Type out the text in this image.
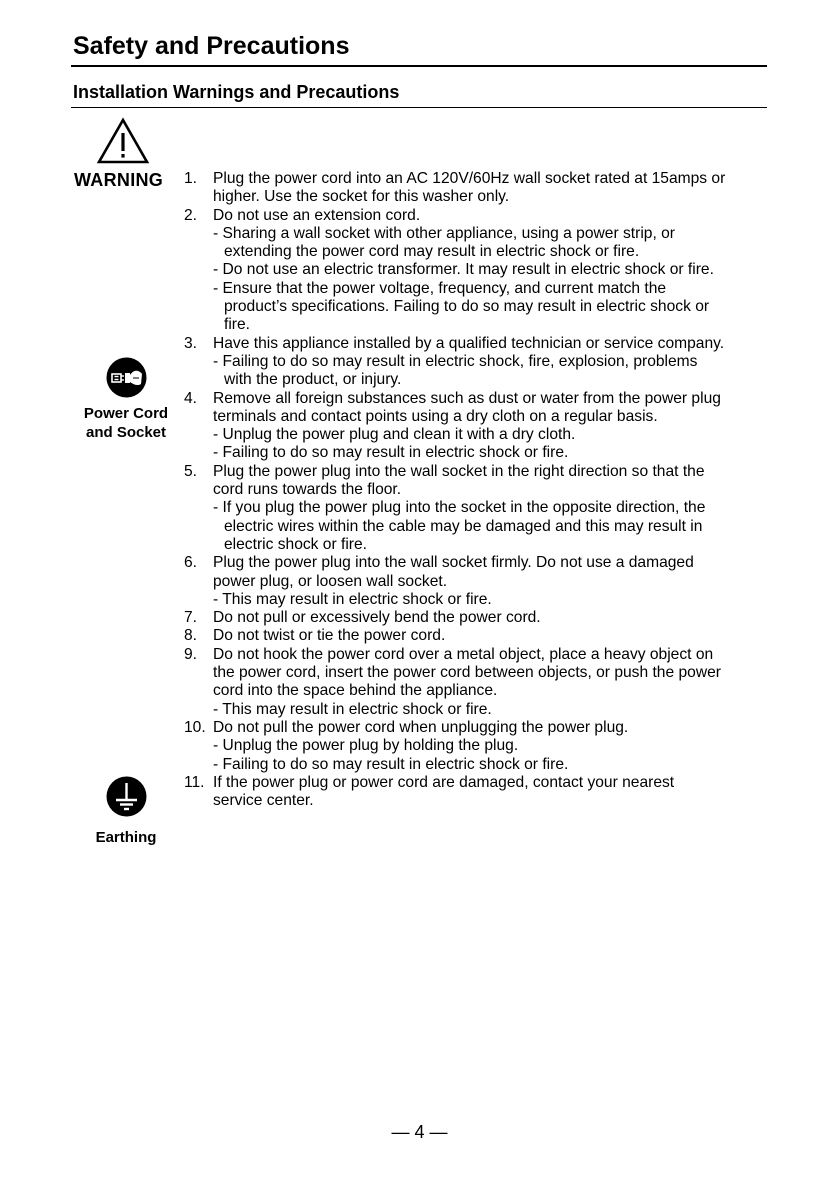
Safety and Precautions
Installation Warnings and Precautions
WARNING
Power Cord
and Socket
Earthing
1. Plug the power cord into an AC 120V/60Hz wall socket rated at 15amps or
higher. Use the socket for this washer only.
2. Do not use an extension cord.
- Sharing a wall socket with other appliance, using a power strip, or
extending the power cord may result in electric shock or fire.
- Do not use an electric transformer. It may result in electric shock or fire.
- Ensure that the power voltage, frequency, and current match the
product’s specifications. Failing to do so may result in electric shock or
fire.
3. Have this appliance installed by a qualified technician or service company.
- Failing to do so may result in electric shock, fire, explosion, problems
with the product, or injury.
4. Remove all foreign substances such as dust or water from the power plug
terminals and contact points using a dry cloth on a regular basis.
- Unplug the power plug and clean it with a dry cloth.
- Failing to do so may result in electric shock or fire.
5. Plug the power plug into the wall socket in the right direction so that the
cord runs towards the floor.
- If you plug the power plug into the socket in the opposite direction, the
electric wires within the cable may be damaged and this may result in
electric shock or fire.
6. Plug the power plug into the wall socket firmly. Do not use a damaged
power plug, or loosen wall socket.
- This may result in electric shock or fire.
7. Do not pull or excessively bend the power cord.
8. Do not twist or tie the power cord.
9. Do not hook the power cord over a metal object, place a heavy object on
the power cord, insert the power cord between objects, or push the power
cord into the space behind the appliance.
- This may result in electric shock or fire.
10. Do not pull the power cord when unplugging the power plug.
- Unplug the power plug by holding the plug.
- Failing to do so may result in electric shock or fire.
11. If the power plug or power cord are damaged, contact your nearest
service center.
— 4 —
